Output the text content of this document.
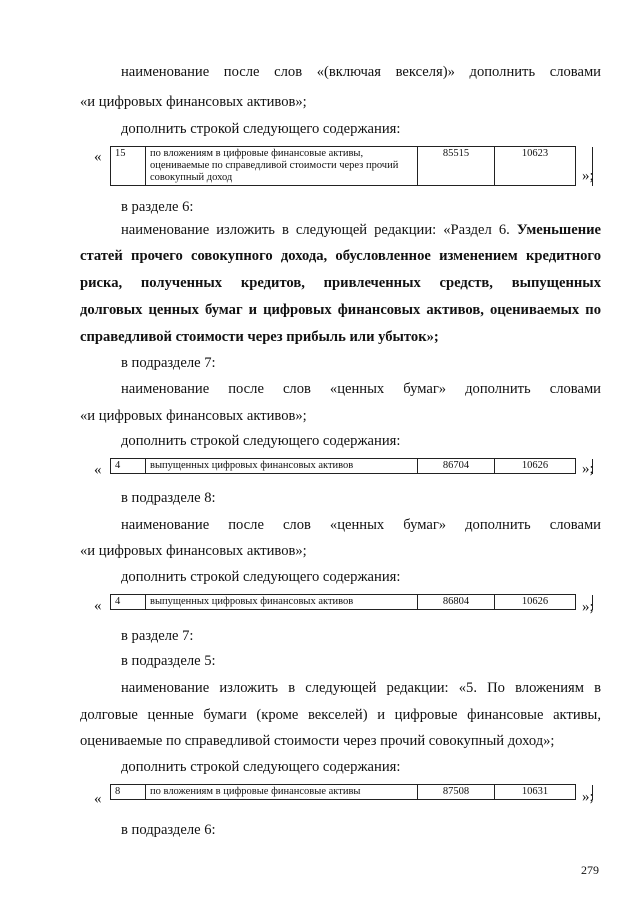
наименование после слов «(включая векселя)» дополнить словами
«и цифровых финансовых активов»;
дополнить строкой следующего содержания:
« 15	по вложениям в цифровые финансовые активы, оцениваемые по справедливой стоимости через прочий совокупный доход	85515	10623	
»;
в разделе 6:
наименование изложить в следующей редакции: «Раздел 6. Уменьшение
статей прочего совокупного дохода, обусловленное изменением кредитного
риска, полученных кредитов, привлеченных средств, выпущенных
долговых ценных бумаг и цифровых финансовых активов, оцениваемых по
справедливой стоимости через прибыль или убыток»;
в подразделе 7:
наименование после слов «ценных бумаг» дополнить словами
«и цифровых финансовых активов»;
дополнить строкой следующего содержания:
« 4	выпущенных цифровых финансовых активов	86704	10626	»;
в подразделе 8:
наименование после слов «ценных бумаг» дополнить словами
«и цифровых финансовых активов»;
дополнить строкой следующего содержания:
« 4	выпущенных цифровых финансовых активов	86804	10626	»;
в разделе 7:
в подразделе 5:
наименование изложить в следующей редакции: «5. По вложениям в
долговые ценные бумаги (кроме векселей) и цифровые финансовые активы,
оцениваемые по справедливой стоимости через прочий совокупный доход»;
дополнить строкой следующего содержания:
« 8	по вложениям в цифровые финансовые активы	87508	10631	»;
в подразделе 6:
279
